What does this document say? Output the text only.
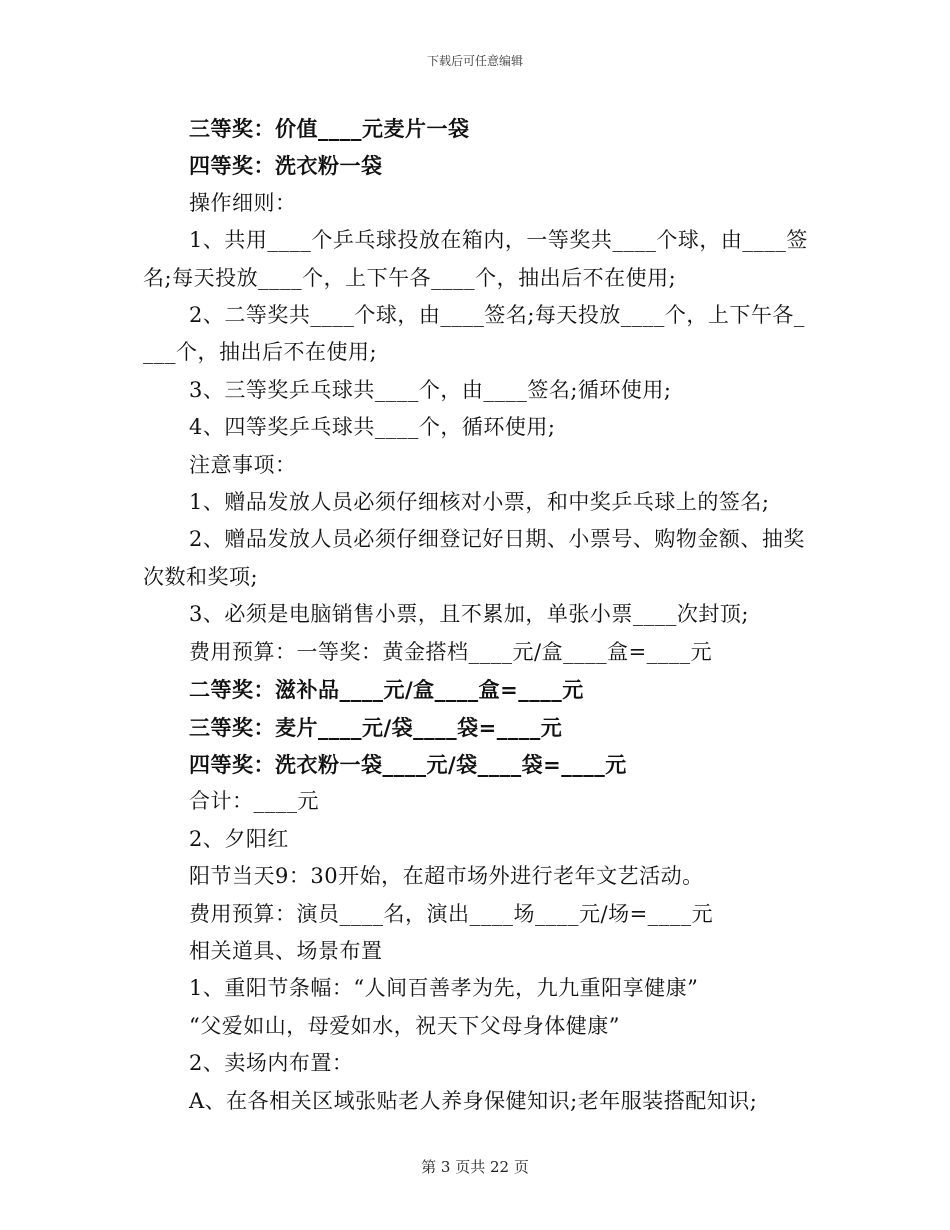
下载后可任意编辑
三等奖：价值____元麦片一袋
四等奖：洗衣粉一袋
操作细则：
1、共用____个乒乓球投放在箱内，一等奖共____个球，由____签
名;每天投放____个，上下午各____个，抽出后不在使用;
2、二等奖共____个球，由____签名;每天投放____个，上下午各_
___个，抽出后不在使用;
3、三等奖乒乓球共____个，由____签名;循环使用;
4、四等奖乒乓球共____个，循环使用;
注意事项：
1、赠品发放人员必须仔细核对小票，和中奖乒乓球上的签名;
2、赠品发放人员必须仔细登记好日期、小票号、购物金额、抽奖
次数和奖项;
3、必须是电脑销售小票，且不累加，单张小票____次封顶;
费用预算：一等奖：黄金搭档____元/盒____盒=____元
二等奖：滋补品____元/盒____盒=____元
三等奖：麦片____元/袋____袋=____元
四等奖：洗衣粉一袋____元/袋____袋=____元
合计：____元
2、夕阳红
阳节当天9：30开始，在超市场外进行老年文艺活动。
费用预算：演员____名，演出____场____元/场=____元
相关道具、场景布置
1、重阳节条幅：“人间百善孝为先，九九重阳享健康”
“父爱如山，母爱如水，祝天下父母身体健康”
2、卖场内布置：
A、在各相关区域张贴老人养身保健知识;老年服装搭配知识;
第 3 页共 22 页
